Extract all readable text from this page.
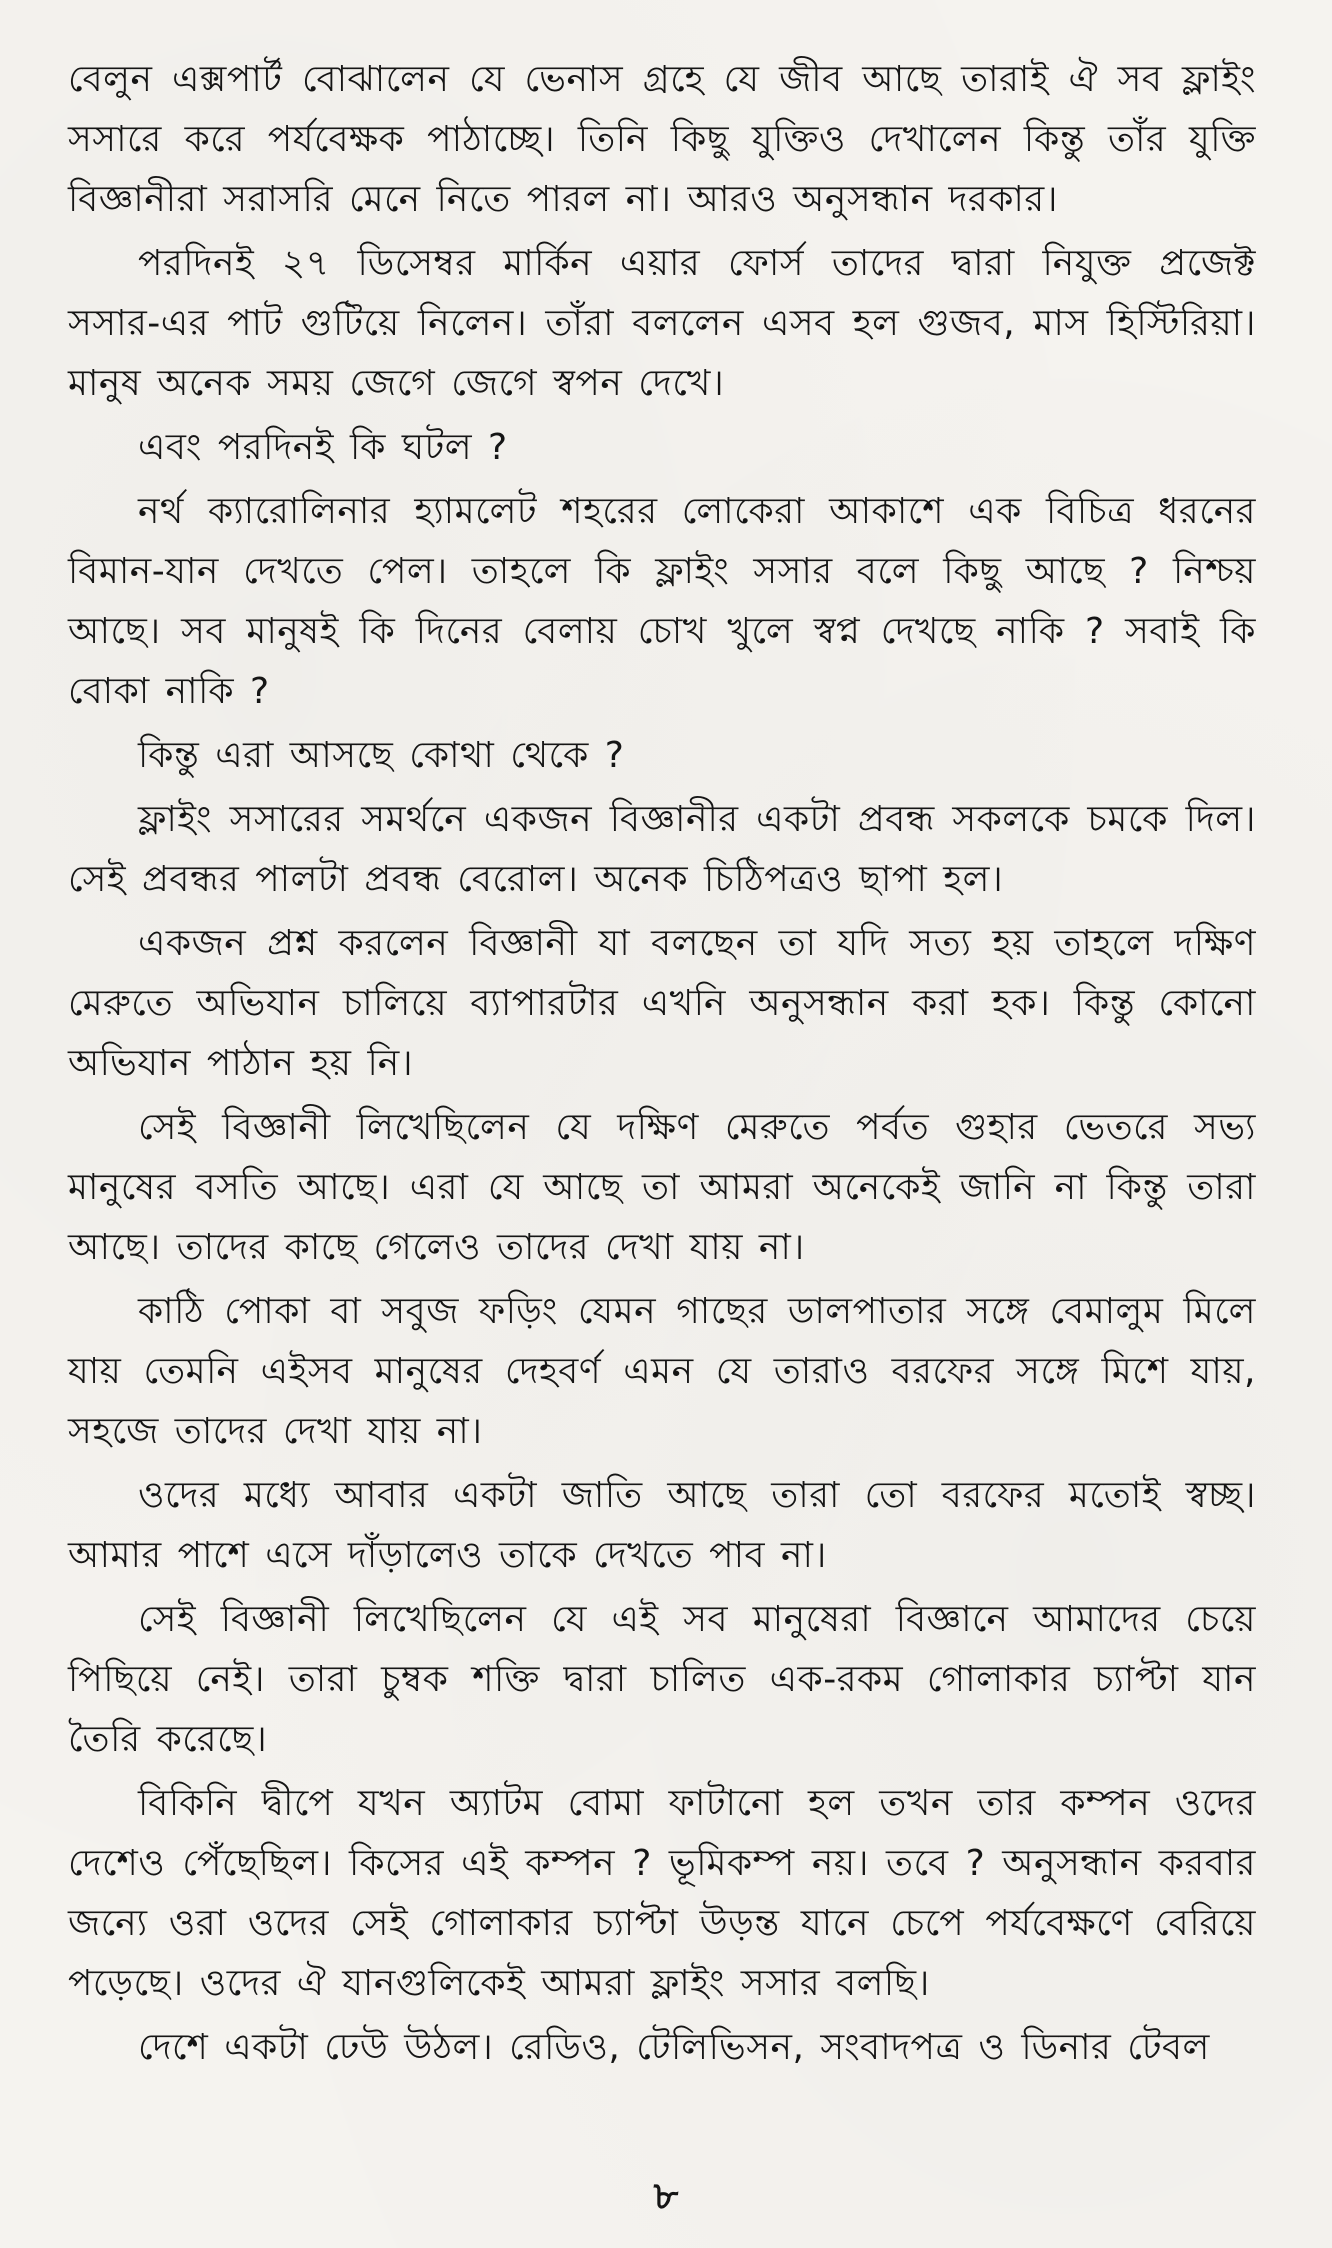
বেলুন এক্সপার্ট বোঝালেন যে ভেনাস গ্রহে যে জীব আছে তারাই ঐ সব ফ্লাইং সসারে করে পর্যবেক্ষক পাঠাচ্ছে। তিনি কিছু যুক্তিও দেখালেন কিন্তু তাঁর যুক্তি বিজ্ঞানীরা সরাসরি মেনে নিতে পারল না। আরও অনুসন্ধান দরকার।

পরদিনই ২৭ ডিসেম্বর মার্কিন এয়ার ফোর্স তাদের দ্বারা নিযুক্ত প্রজেক্ট সসার-এর পাট গুটিয়ে নিলেন। তাঁরা বললেন এসব হল গুজব, মাস হিস্টিরিয়া। মানুষ অনেক সময় জেগে জেগে স্বপন দেখে।

এবং পরদিনই কি ঘটল ?

নর্থ ক্যারোলিনার হ্যামলেট শহরের লোকেরা আকাশে এক বিচিত্র ধরনের বিমান-যান দেখতে পেল। তাহলে কি ফ্লাইং সসার বলে কিছু আছে ? নিশ্চয় আছে। সব মানুষই কি দিনের বেলায় চোখ খুলে স্বপ্ন দেখছে নাকি ? সবাই কি বোকা নাকি ?

কিন্তু এরা আসছে কোথা থেকে ?

ফ্লাইং সসারের সমর্থনে একজন বিজ্ঞানীর একটা প্রবন্ধ সকলকে চমকে দিল। সেই প্রবন্ধর পালটা প্রবন্ধ বেরোল। অনেক চিঠিপত্রও ছাপা হল।

একজন প্রশ্ন করলেন বিজ্ঞানী যা বলছেন তা যদি সত্য হয় তাহলে দক্ষিণ মেরুতে অভিযান চালিয়ে ব্যাপারটার এখনি অনুসন্ধান করা হক। কিন্তু কোনো অভিযান পাঠান হয় নি।

সেই বিজ্ঞানী লিখেছিলেন যে দক্ষিণ মেরুতে পর্বত গুহার ভেতরে সভ্য মানুষের বসতি আছে। এরা যে আছে তা আমরা অনেকেই জানি না কিন্তু তারা আছে। তাদের কাছে গেলেও তাদের দেখা যায় না।

কাঠি পোকা বা সবুজ ফড়িং যেমন গাছের ডালপাতার সঙ্গে বেমালুম মিলে যায় তেমনি এইসব মানুষের দেহবর্ণ এমন যে তারাও বরফের সঙ্গে মিশে যায়, সহজে তাদের দেখা যায় না।

ওদের মধ্যে আবার একটা জাতি আছে তারা তো বরফের মতোই স্বচ্ছ। আমার পাশে এসে দাঁড়ালেও তাকে দেখতে পাব না।

সেই বিজ্ঞানী লিখেছিলেন যে এই সব মানুষেরা বিজ্ঞানে আমাদের চেয়ে পিছিয়ে নেই। তারা চুম্বক শক্তি দ্বারা চালিত এক-রকম গোলাকার চ্যাপ্টা যান তৈরি করেছে।

বিকিনি দ্বীপে যখন অ্যাটম বোমা ফাটানো হল তখন তার কম্পন ওদের দেশেও পেঁছেছিল। কিসের এই কম্পন ? ভূমিকম্প নয়। তবে ? অনুসন্ধান করবার জন্যে ওরা ওদের সেই গোলাকার চ্যাপ্টা উড়ন্ত যানে চেপে পর্যবেক্ষণে বেরিয়ে পড়েছে। ওদের ঐ যানগুলিকেই আমরা ফ্লাইং সসার বলছি।

দেশে একটা ঢেউ উঠল। রেডিও, টেলিভিসন, সংবাদপত্র ও ডিনার টেবল

৮
